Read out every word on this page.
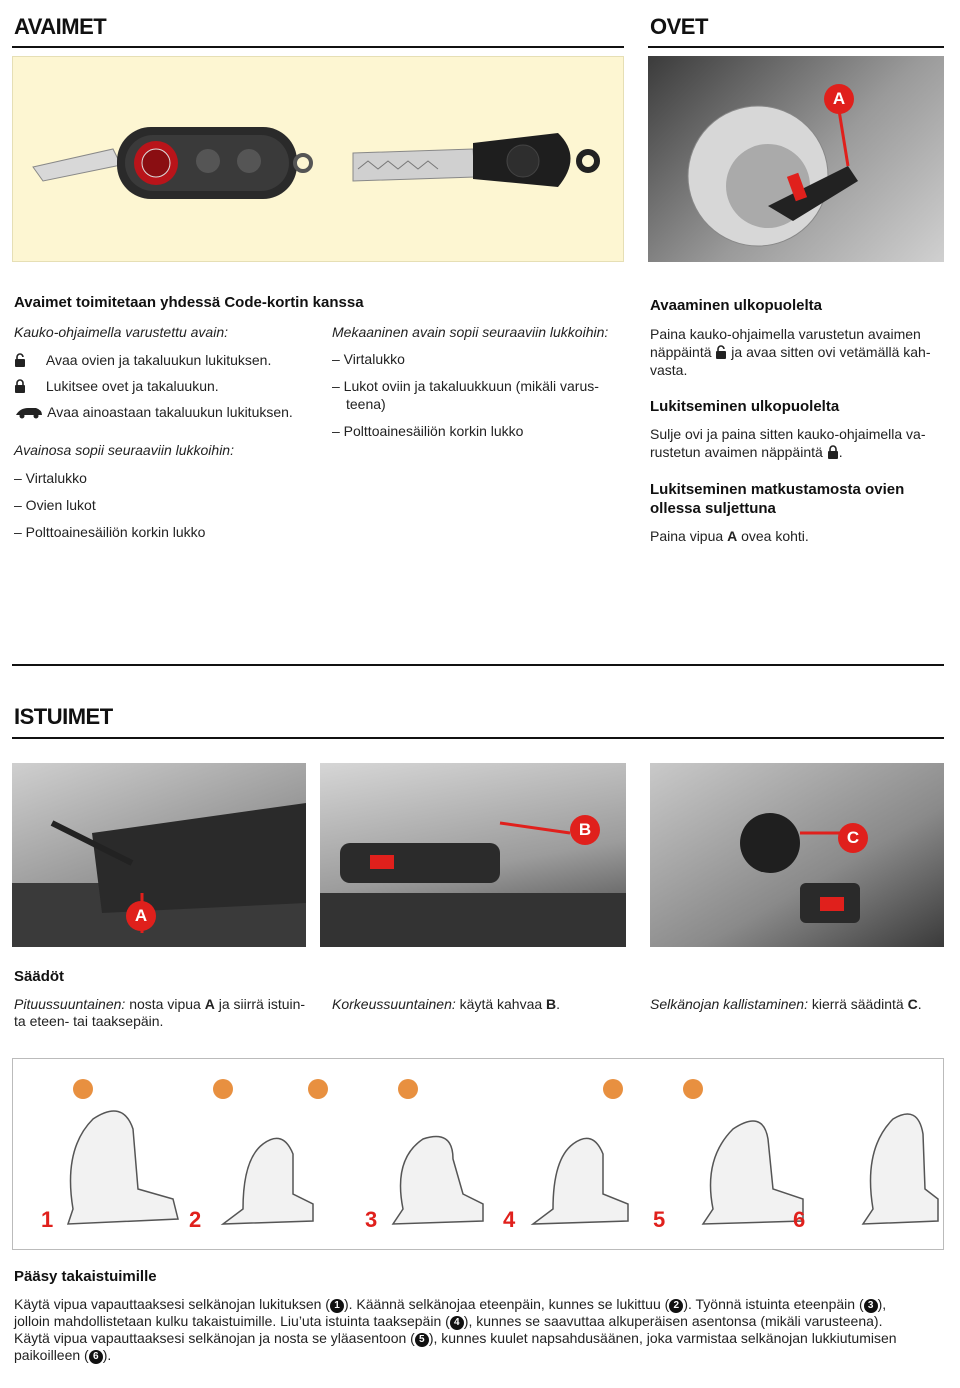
AVAIMET	OVET
A
Avaimet toimitetaan yhdessä Code-kortin kanssa
Kauko-ohjaimella varustettu avain:
Avaa ovien ja takaluukun lukituksen.
Lukitsee ovet ja takaluukun.
Avaa ainoastaan takaluukun lukituksen.
Avainosa sopii seuraaviin lukkoihin:
– Virtalukko
– Ovien lukot
– Polttoainesäiliön korkin lukko
Mekaaninen avain sopii seuraaviin lukkoihin:
– Virtalukko
– Lukot oviin ja takaluukkuun (mikäli varus-
teena)
– Polttoainesäiliön korkin lukko
Avaaminen ulkopuolelta
Paina kauko-ohjaimella varustetun avaimen
näppäintä ja avaa sitten ovi vetämällä kah-
vasta.
Lukitseminen ulkopuolelta
Sulje ovi ja paina sitten kauko-ohjaimella va-
rustetun avaimen näppäintä .
Lukitseminen matkustamosta ovien
ollessa suljettuna
Paina vipua A ovea kohti.
ISTUIMET
A
B	C
Säädöt
Pituussuuntainen: nosta vipua A ja siirrä istuin-
ta eteen- tai taaksepäin.
Korkeussuuntainen: käytä kahvaa B.	Selkänojan kallistaminen: kierrä säädintä C.
1	2	3	4	5	6
Pääsy takaistuimille
Käytä vipua vapauttaaksesi selkänojan lukituksen ( 1 ). Käännä selkänojaa eteenpäin, kunnes se lukittuu ( 2 ). Työnnä istuinta eteenpäin ( 3 ),
jolloin mahdollistetaan kulku takaistuimille. Liu’uta istuinta taaksepäin ( 4 ), kunnes se saavuttaa alkuperäisen asentonsa (mikäli varusteena).
Käytä vipua vapauttaaksesi selkänojan ja nosta se yläasentoon ( 5 ), kunnes kuulet napsahdusäänen, joka varmistaa selkänojan lukkiutumisen
paikoilleen ( 6 ).
